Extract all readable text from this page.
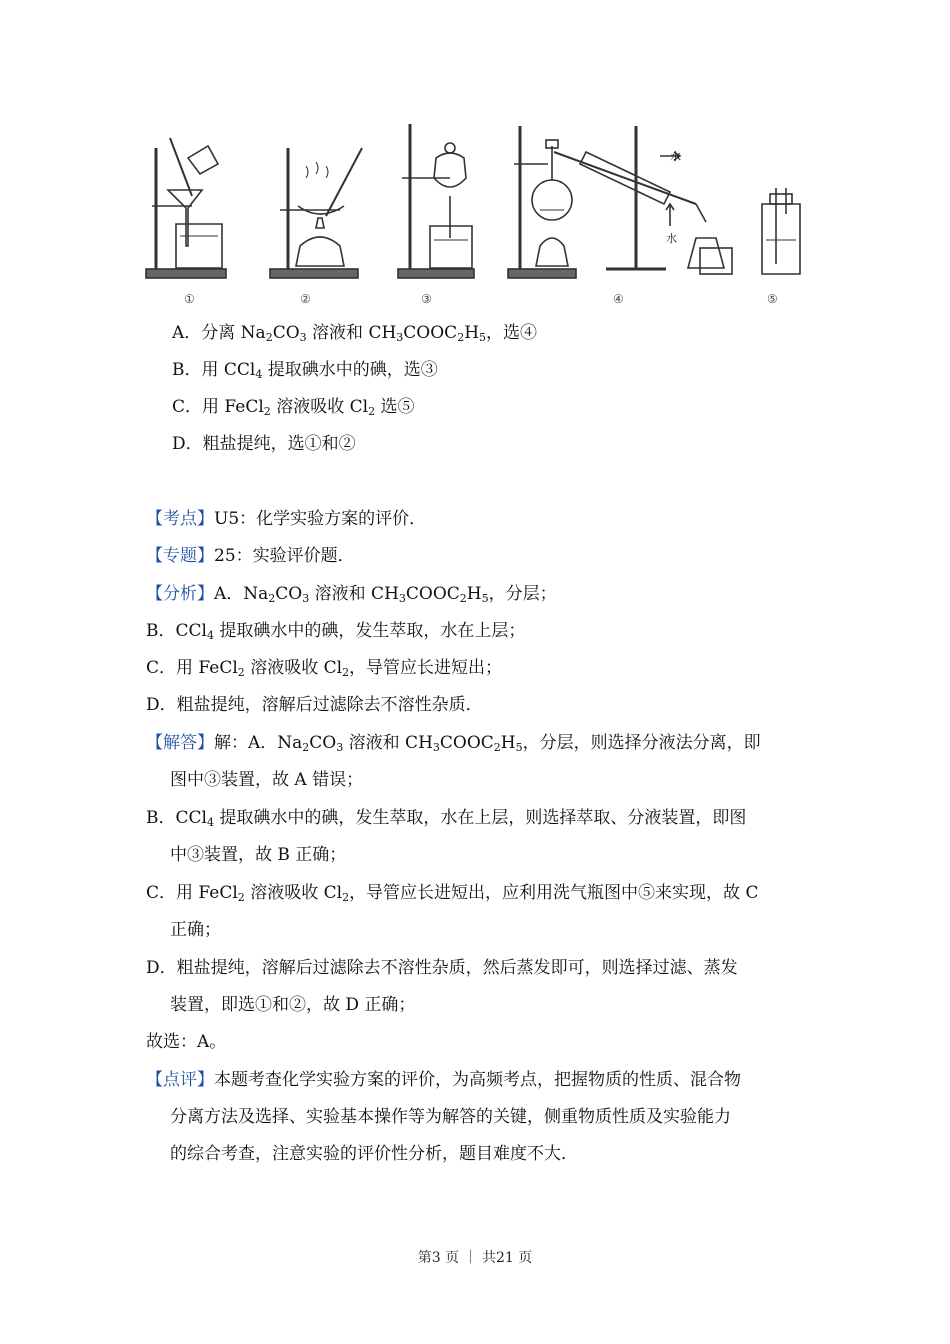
水
水
①	②	③	④	⑤
A．分离 $Na_2CO_3$ 溶液和 $CH_3COOC_2H_5$，选④
B．用 CCl$_4$ 提取碘水中的碘，选③
C．用 FeCl$_2$ 溶液吸收 $Cl_2$ 选⑤
D．粗盐提纯，选①和②
【考点】U5：化学实验方案的评价．
【专题】25：实验评价题．
【分析】A．$Na_2CO_3$ 溶液和 $CH_3COOC_2H_5$，分层；
B．CCl$_4$ 提取碘水中的碘，发生萃取，水在上层；
C．用 FeCl$_2$ 溶液吸收 $Cl_2$，导管应长进短出；
D．粗盐提纯，溶解后过滤除去不溶性杂质．
【解答】解：A．$Na_2CO_3$ 溶液和 $CH_3COOC_2H_5$，分层，则选择分液法分离，即
图中③装置，故 A 错误；
B．CCl$_4$ 提取碘水中的碘，发生萃取，水在上层，则选择萃取、分液装置，即图
中③装置，故 B 正确；
C．用 FeCl$_2$ 溶液吸收 $Cl_2$，导管应长进短出，应利用洗气瓶图中⑤来实现，故 C
正确；
D．粗盐提纯，溶解后过滤除去不溶性杂质，然后蒸发即可，则选择过滤、蒸发
装置，即选①和②，故 D 正确；
故选：A。
【点评】本题考查化学实验方案的评价，为高频考点，把握物质的性质、混合物
分离方法及选择、实验基本操作等为解答的关键，侧重物质性质及实验能力
的综合考查，注意实验的评价性分析，题目难度不大．
第3 页 ｜ 共21 页
